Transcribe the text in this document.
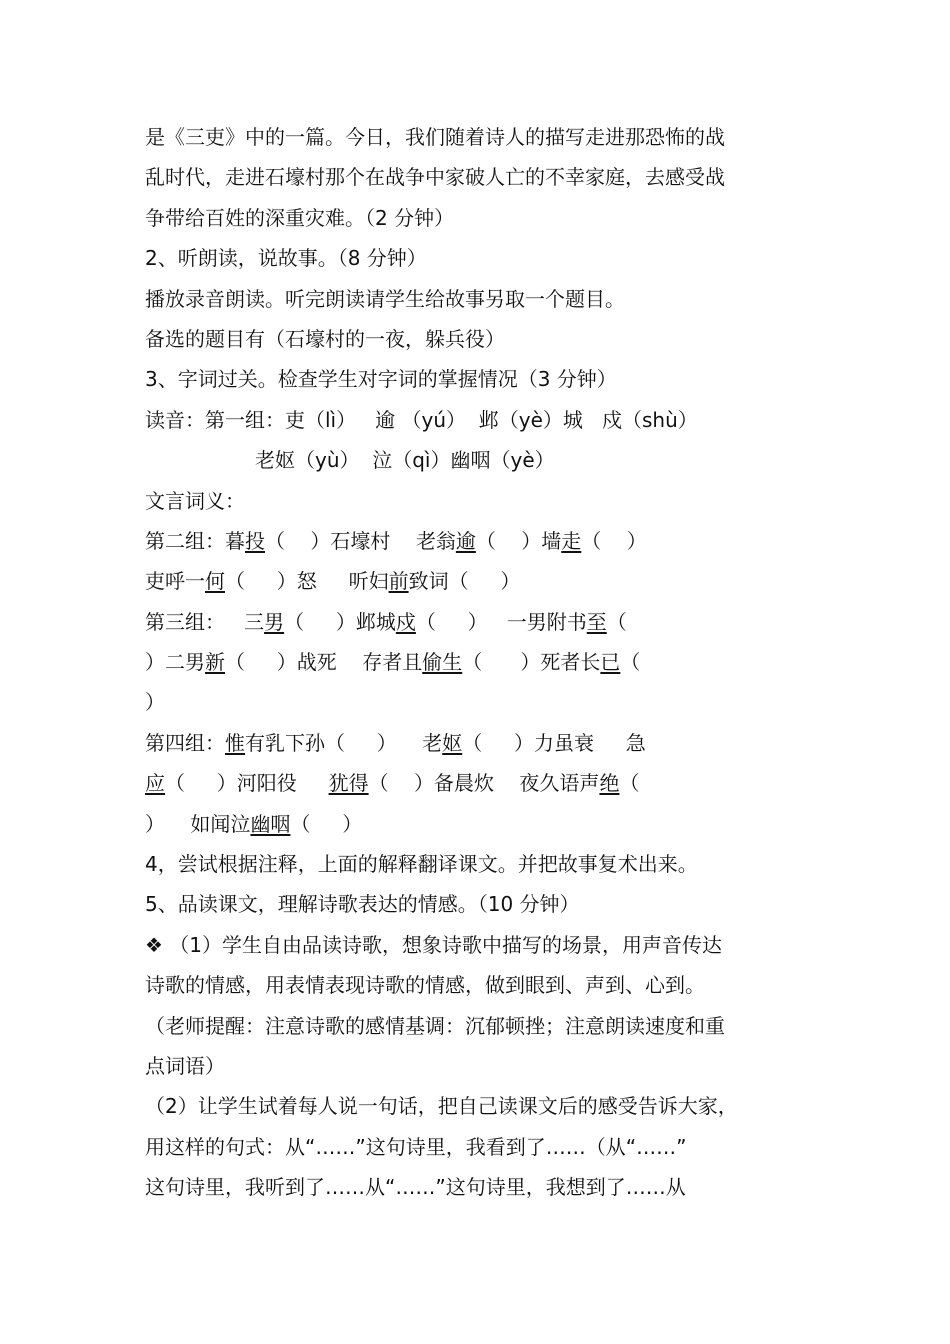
是《三吏》中的一篇。今日，我们随着诗人的描写走进那恐怖的战
乱时代，走进石壕村那个在战争中家破人亡的不幸家庭，去感受战
争带给百姓的深重灾难。（2 分钟）
2、听朗读，说故事。（8 分钟）
播放录音朗读。听完朗读请学生给故事另取一个题目。
备选的题目有（石壕村的一夜，躲兵役）
3、字词过关。检查学生对字词的掌握情况（3 分钟）
读音：第一组：吏（lì）   逾 （yú）  邺（yè）城   戍（shù）
老妪（yù）  泣（qì）幽咽（yè）
文言词义：
第二组：暮投（    ）石壕村    老翁逾（    ）墙走（    ）
吏呼一何（     ）怒     听妇前致词（     ）
第三组：   三男（     ）邺城戍（     ）   一男附书至（
）二男新（     ）战死    存者且偷生（      ）死者长已（
）
第四组：惟有乳下孙（     ）    老妪（     ）力虽衰     急
应（     ）河阳役     犹得（    ）备晨炊    夜久语声绝（
）    如闻泣幽咽（     ）
4，尝试根据注释，上面的解释翻译课文。并把故事复术出来。
5、品读课文，理解诗歌表达的情感。（10 分钟）
❖ （1）学生自由品读诗歌，想象诗歌中描写的场景，用声音传达
诗歌的情感，用表情表现诗歌的情感，做到眼到、声到、心到。
（老师提醒：注意诗歌的感情基调：沉郁顿挫；注意朗读速度和重
点词语）
（2）让学生试着每人说一句话，把自己读课文后的感受告诉大家，
用这样的句式：从“……”这句诗里，我看到了……（从“……”
这句诗里，我听到了……从“……”这句诗里，我想到了……从
